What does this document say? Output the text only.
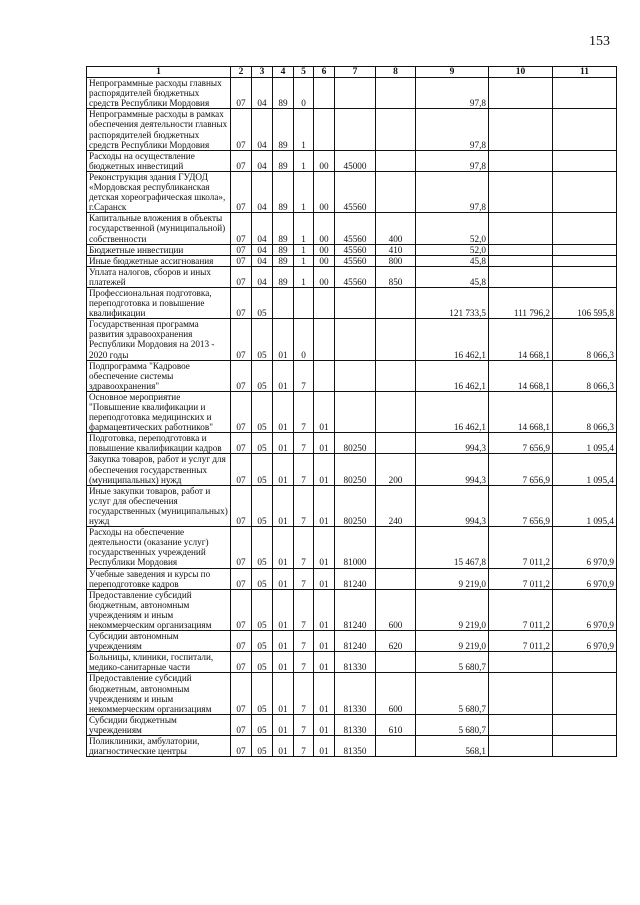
153
1	2	3	4	5	6	7	8	9	10	11
Непрограммные расходы главных распорядителей бюджетных средств Республики Мордовия	07	04	89	0				97,8		
Непрограммные расходы в рамках обеспечения деятельности главных распорядителей бюджетных средств Республики Мордовия	07	04	89	1				97,8		
Расходы на осуществление бюджетных инвестиций	07	04	89	1	00	45000		97,8		
Реконструкция здания ГУДОД «Мордовская республиканская детская хореографическая школа», г.Саранск	07	04	89	1	00	45560		97,8		
Капитальные вложения в объекты государственной (муниципальной) собственности	07	04	89	1	00	45560	400	52,0		
Бюджетные инвестиции	07	04	89	1	00	45560	410	52,0		
Иные бюджетные ассигнования	07	04	89	1	00	45560	800	45,8		
Уплата налогов, сборов и иных платежей	07	04	89	1	00	45560	850	45,8		
Профессиональная подготовка, переподготовка и повышение квалификации	07	05						121 733,5	111 796,2	106 595,8
Государственная программа развития здравоохранения Республики Мордовия на 2013 - 2020 годы	07	05	01	0				16 462,1	14 668,1	8 066,3
Подпрограмма "Кадровое обеспечение системы здравоохранения"	07	05	01	7				16 462,1	14 668,1	8 066,3
Основное мероприятие "Повышение квалификации и переподготовка медицинских и фармацевтических работников"	07	05	01	7	01			16 462,1	14 668,1	8 066,3
Подготовка, переподготовка и повышение квалификации кадров	07	05	01	7	01	80250		994,3	7 656,9	1 095,4
Закупка товаров, работ и услуг для обеспечения государственных (муниципальных) нужд	07	05	01	7	01	80250	200	994,3	7 656,9	1 095,4
Иные закупки товаров, работ и услуг для обеспечения государственных (муниципальных) нужд	07	05	01	7	01	80250	240	994,3	7 656,9	1 095,4
Расходы на обеспечение деятельности (оказание услуг) государственных учреждений Республики Мордовия	07	05	01	7	01	81000		15 467,8	7 011,2	6 970,9
Учебные заведения и курсы по переподготовке кадров	07	05	01	7	01	81240		9 219,0	7 011,2	6 970,9
Предоставление субсидий бюджетным, автономным учреждениям и иным некоммерческим организациям	07	05	01	7	01	81240	600	9 219,0	7 011,2	6 970,9
Субсидии автономным учреждениям	07	05	01	7	01	81240	620	9 219,0	7 011,2	6 970,9
Больницы, клиники, госпитали, медико-санитарные части	07	05	01	7	01	81330		5 680,7		
Предоставление субсидий бюджетным, автономным учреждениям и иным некоммерческим организациям	07	05	01	7	01	81330	600	5 680,7		
Субсидии бюджетным учреждениям	07	05	01	7	01	81330	610	5 680,7		
Поликлиники, амбулатории, диагностические центры	07	05	01	7	01	81350		568,1		
